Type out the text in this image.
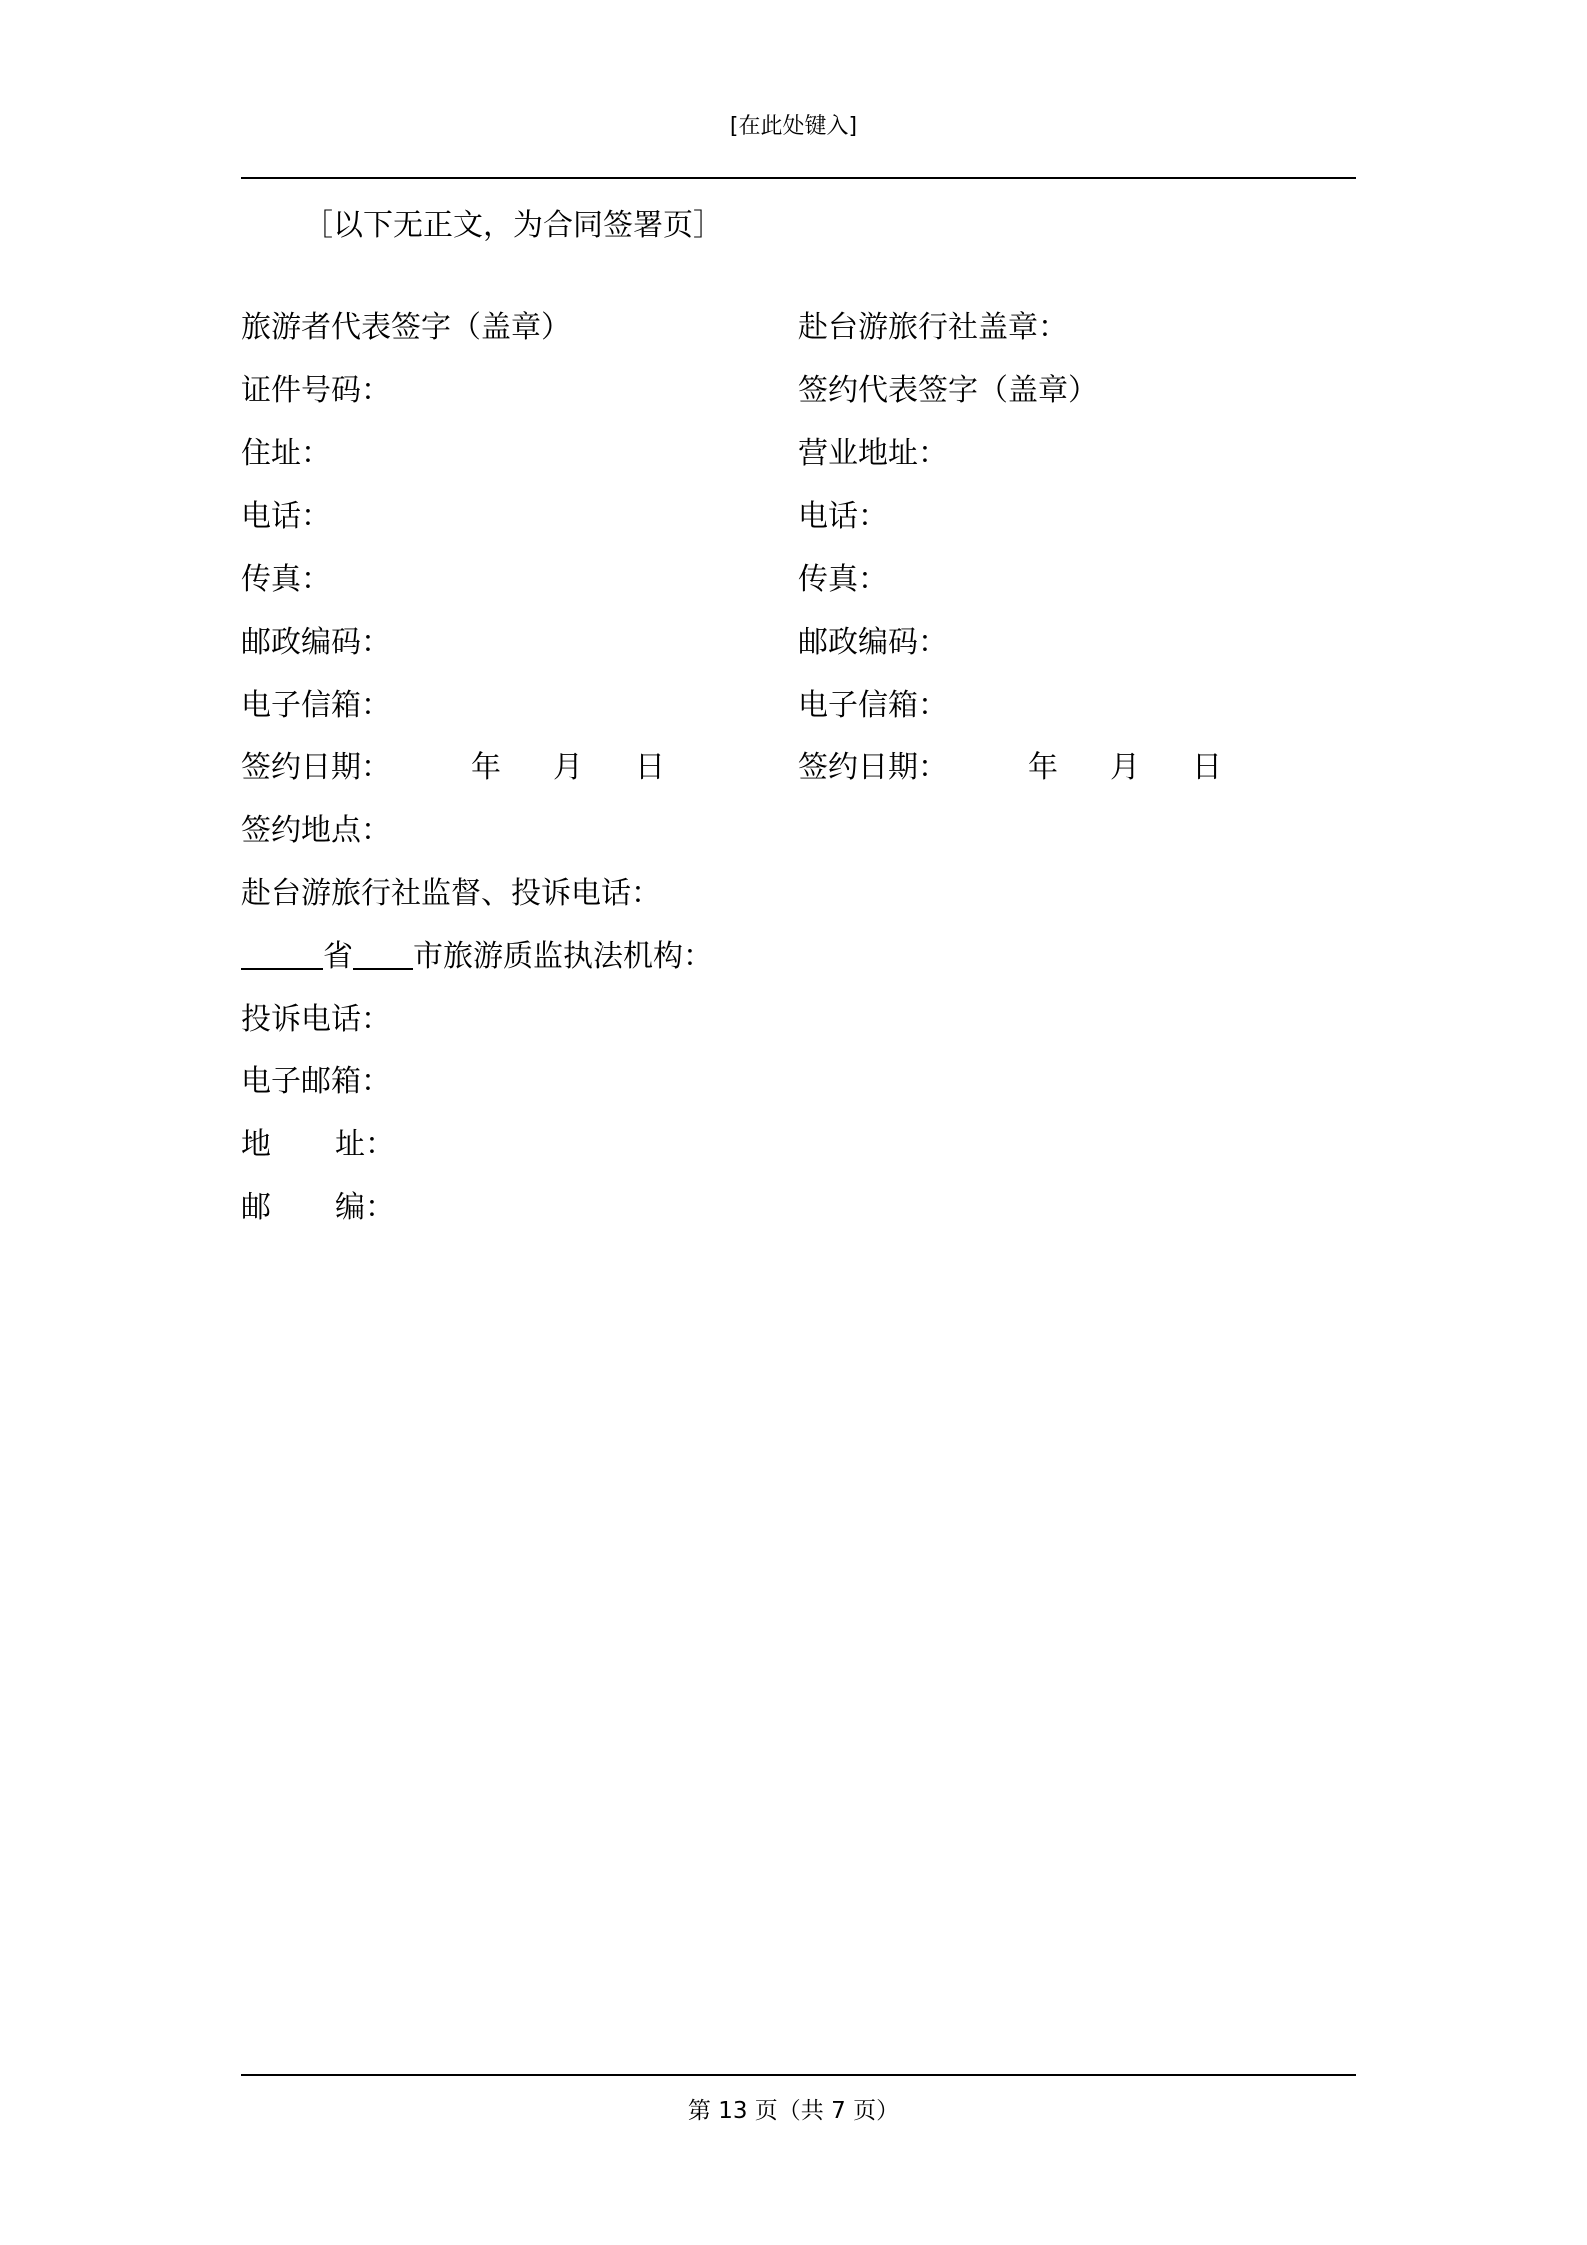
[在此处键入]
［以下无正文，为合同签署页］
旅游者代表签字（盖章）
证件号码：
住址：
电话：
传真：
邮政编码：
电子信箱：
签约日期：	年 月 日
签约地点：
赴台游旅行社盖章：
签约代表签字（盖章）
营业地址：
电话：
传真：
邮政编码：
电子信箱：
签约日期：	年 月 日
赴台游旅行社监督、投诉电话：
省 市旅游质监执法机构：
投诉电话：
电子邮箱：
地 址：
邮 编：
第 13 页（共 7 页）
